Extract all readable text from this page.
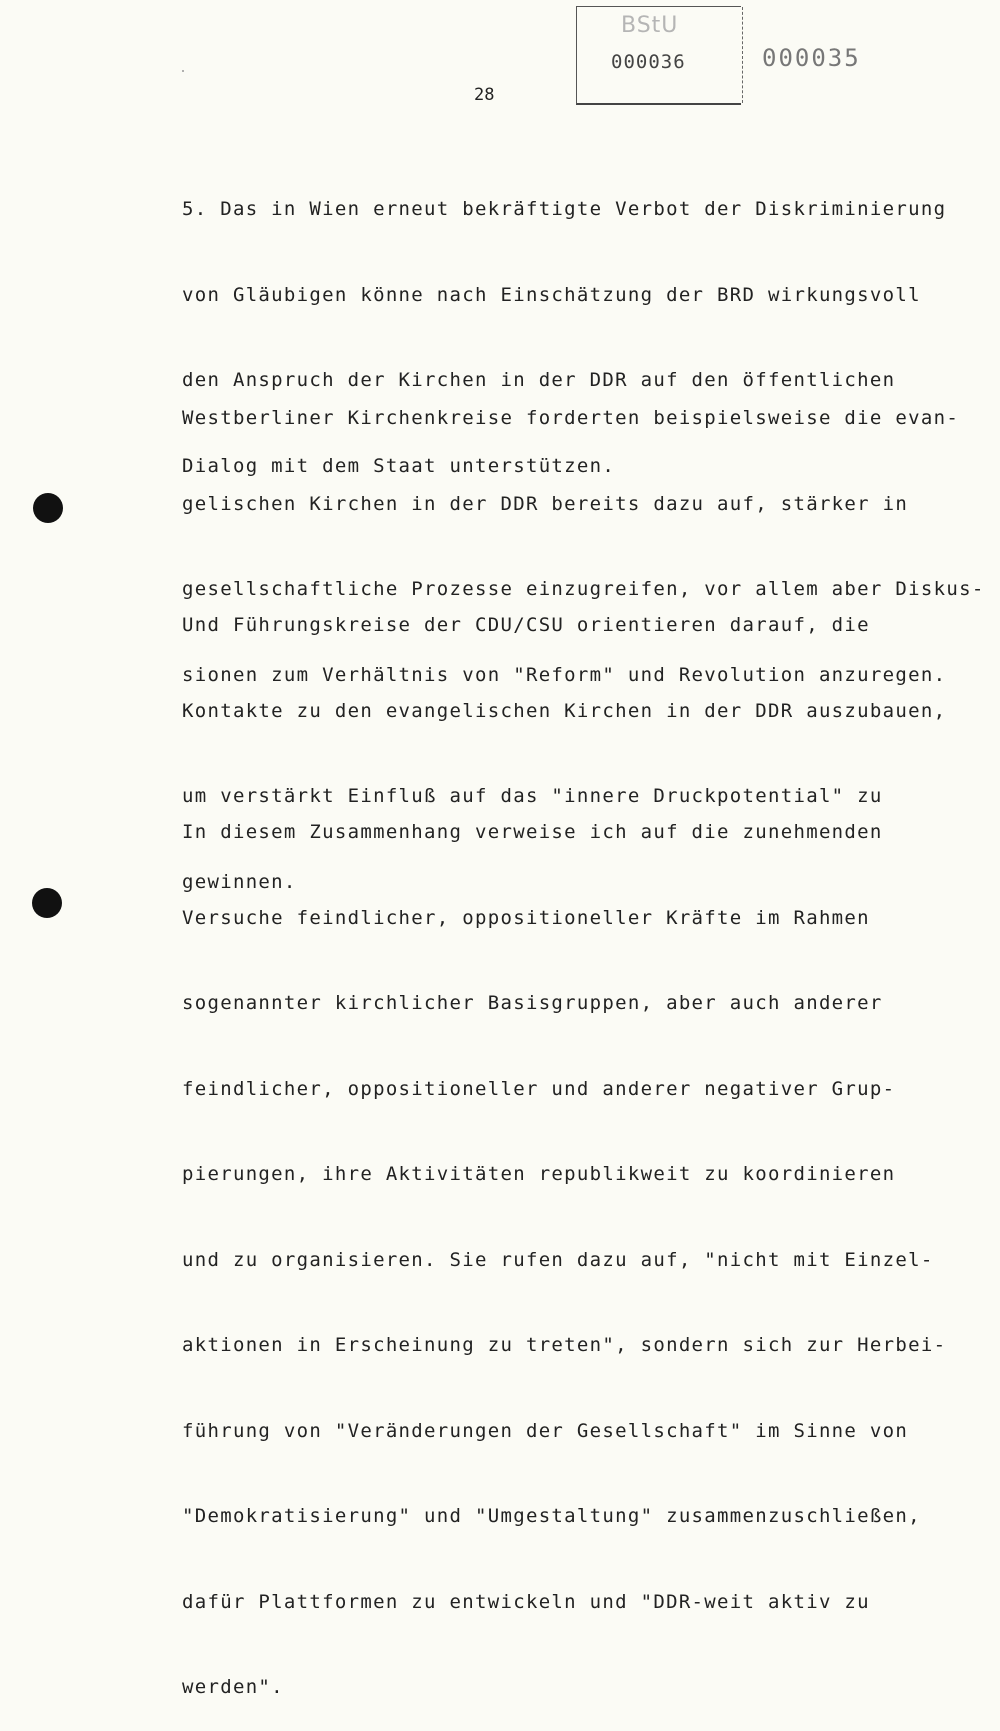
BStU
000036	000035
28

5. Das in Wien erneut bekräftigte Verbot der Diskriminierung

von Gläubigen könne nach Einschätzung der BRD wirkungsvoll

den Anspruch der Kirchen in der DDR auf den öffentlichen

Dialog mit dem Staat unterstützen.

Westberliner Kirchenkreise forderten beispielsweise die evan-

gelischen Kirchen in der DDR bereits dazu auf, stärker in

gesellschaftliche Prozesse einzugreifen, vor allem aber Diskus-

sionen zum Verhältnis von "Reform" und Revolution anzuregen.

Und Führungskreise der CDU/CSU orientieren darauf, die

Kontakte zu den evangelischen Kirchen in der DDR auszubauen,

um verstärkt Einfluß auf das "innere Druckpotential" zu

gewinnen.

In diesem Zusammenhang verweise ich auf die zunehmenden

Versuche feindlicher, oppositioneller Kräfte im Rahmen

sogenannter kirchlicher Basisgruppen, aber auch anderer

feindlicher, oppositioneller und anderer negativer Grup-

pierungen, ihre Aktivitäten republikweit zu koordinieren

und zu organisieren. Sie rufen dazu auf, "nicht mit Einzel-

aktionen in Erscheinung zu treten", sondern sich zur Herbei-

führung von "Veränderungen der Gesellschaft" im Sinne von

"Demokratisierung" und "Umgestaltung" zusammenzuschließen,

dafür Plattformen zu entwickeln und "DDR-weit aktiv zu

werden".
